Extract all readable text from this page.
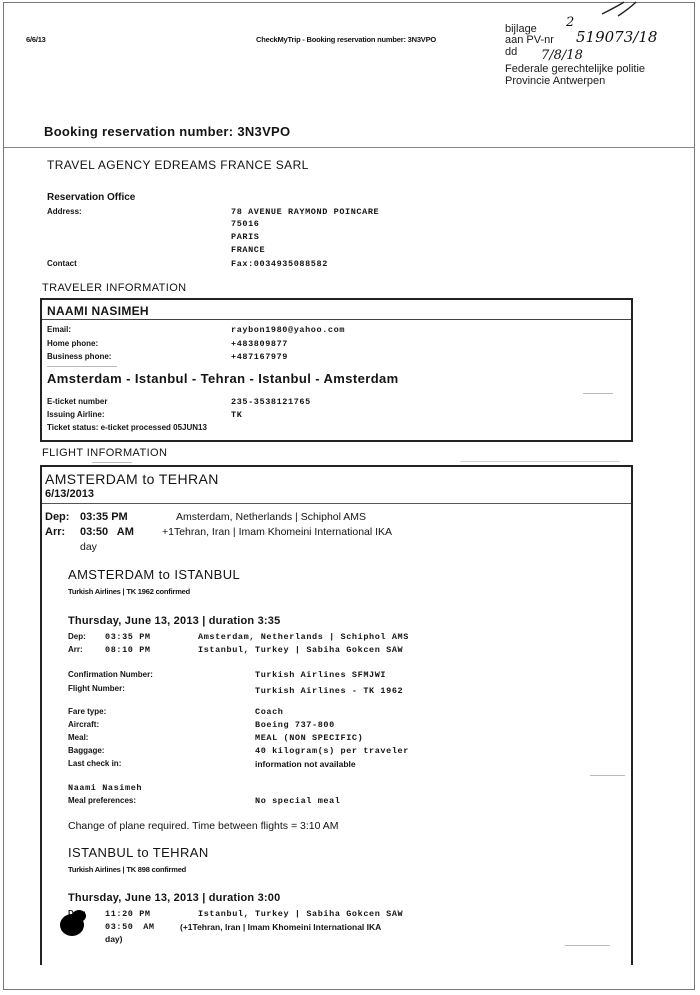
6/6/13	CheckMyTrip - Booking reservation number: 3N3VPO
bijlage
aan PV-nr
dd
Federale gerechtelijke politie
Provincie Antwerpen
2
519073/18
7/8/18
Booking reservation number: 3N3VPO
TRAVEL AGENCY EDREAMS FRANCE SARL
Reservation Office
Address:	78 AVENUE RAYMOND POINCARE
75016
PARIS
FRANCE
Contact	Fax:0034935088582
TRAVELER INFORMATION
NAAMI NASIMEH
Email:	raybon1980@yahoo.com
Home phone:	+483809877
Business phone:	+487167979
Amsterdam - Istanbul - Tehran - Istanbul - Amsterdam
E-ticket number	235-3538121765
Issuing Airline:	TK
Ticket status: e-ticket processed 05JUN13
FLIGHT INFORMATION
AMSTERDAM to TEHRAN
6/13/2013
Dep: 03:35 PM	Amsterdam, Netherlands | Schiphol AMS
Arr: 03:50 AM	+1Tehran, Iran | Imam Khomeini International IKA
day
AMSTERDAM to ISTANBUL
Turkish Airlines | TK 1962 confirmed
Thursday, June 13, 2013 | duration 3:35
Dep: 03:35 PM	Amsterdam, Netherlands | Schiphol AMS
Arr:	08:10 PM	Istanbul, Turkey | Sabiha Gokcen SAW
Confirmation Number:	Turkish Airlines SFMJWI
Flight Number:	Turkish Airlines - TK 1962
Fare type:	Coach
Aircraft:	Boeing 737-800
Meal:	MEAL (NON SPECIFIC)
Baggage:	40 kilogram(s) per traveler
Last check in:	information not available
Naami Nasimeh
Meal preferences:	No special meal
Change of plane required. Time between flights = 3:10 AM
ISTANBUL to TEHRAN
Turkish Airlines | TK 898 confirmed
Thursday, June 13, 2013 | duration 3:00
11:20 PM	Istanbul, Turkey | Sabiha Gokcen SAW
03:50 AM	(+1Tehran, Iran | Imam Khomeini International IKA
day)
